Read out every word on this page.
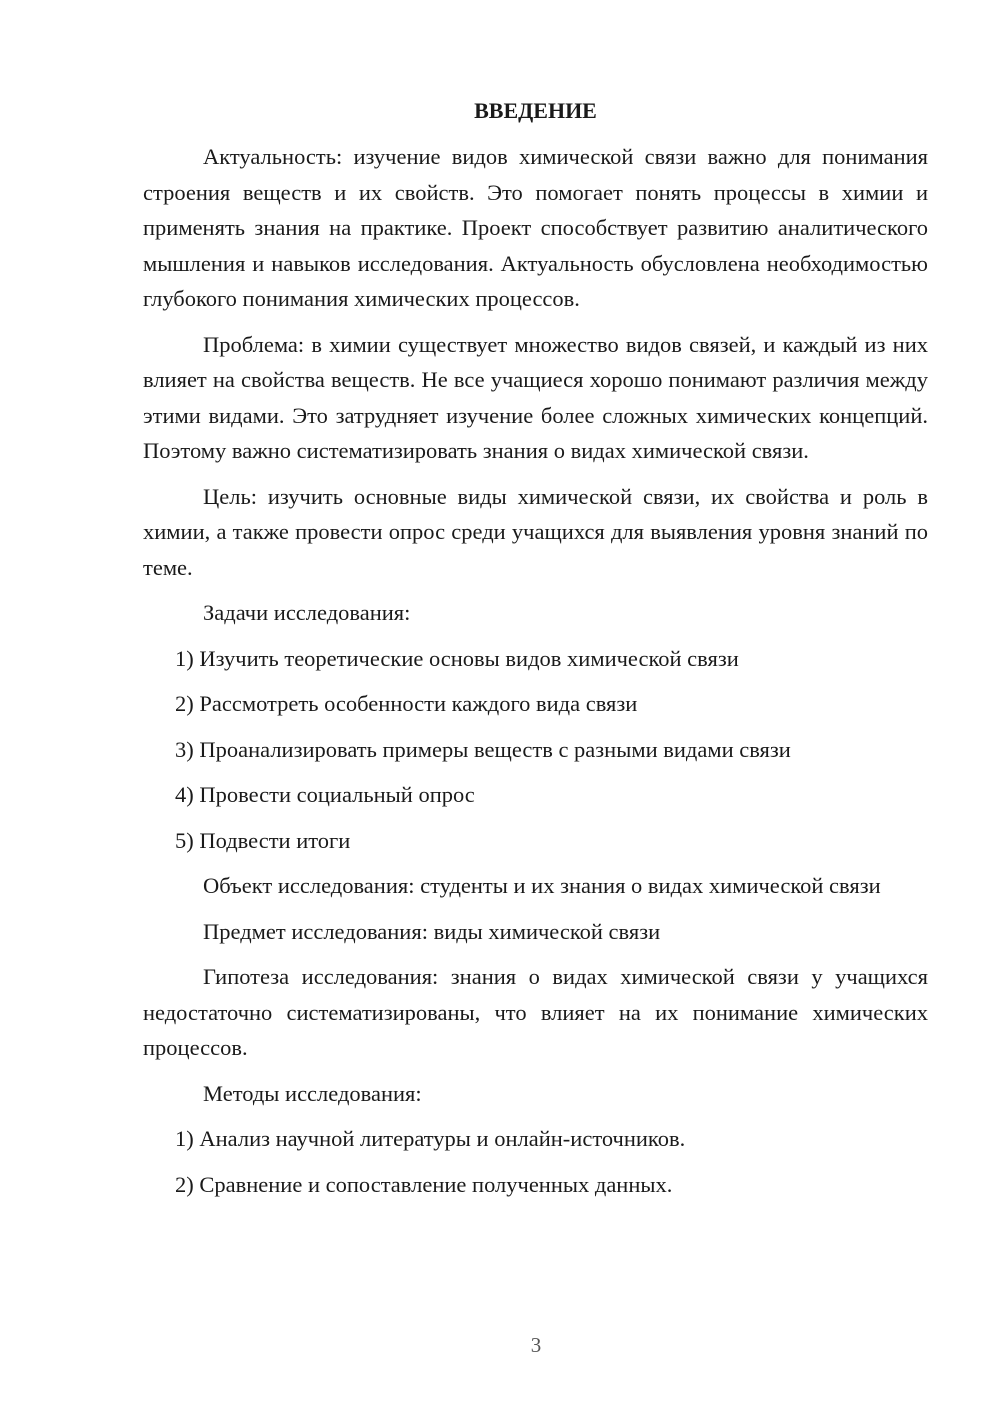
ВВЕДЕНИЕ

Актуальность: изучение видов химической связи важно для понимания строения веществ и их свойств. Это помогает понять процессы в химии и применять знания на практике. Проект способствует развитию аналитического мышления и навыков исследования. Актуальность обусловлена необходимостью глубокого понимания химических процессов.

Проблема: в химии существует множество видов связей, и каждый из них влияет на свойства веществ. Не все учащиеся хорошо понимают различия между этими видами. Это затрудняет изучение более сложных химических концепций. Поэтому важно систематизировать знания о видах химической связи.

Цель: изучить основные виды химической связи, их свойства и роль в химии, а также провести опрос среди учащихся для выявления уровня знаний по теме.

Задачи исследования:

1) Изучить теоретические основы видов химической связи

2) Рассмотреть особенности каждого вида связи

3) Проанализировать примеры веществ с разными видами связи

4) Провести социальный опрос

5) Подвести итоги

Объект исследования: студенты и их знания о видах химической связи

Предмет исследования: виды химической связи

Гипотеза исследования: знания о видах химической связи у учащихся недостаточно систематизированы, что влияет на их понимание химических процессов.

Методы исследования:

1) Анализ научной литературы и онлайн-источников.

2) Сравнение и сопоставление полученных данных.

3
